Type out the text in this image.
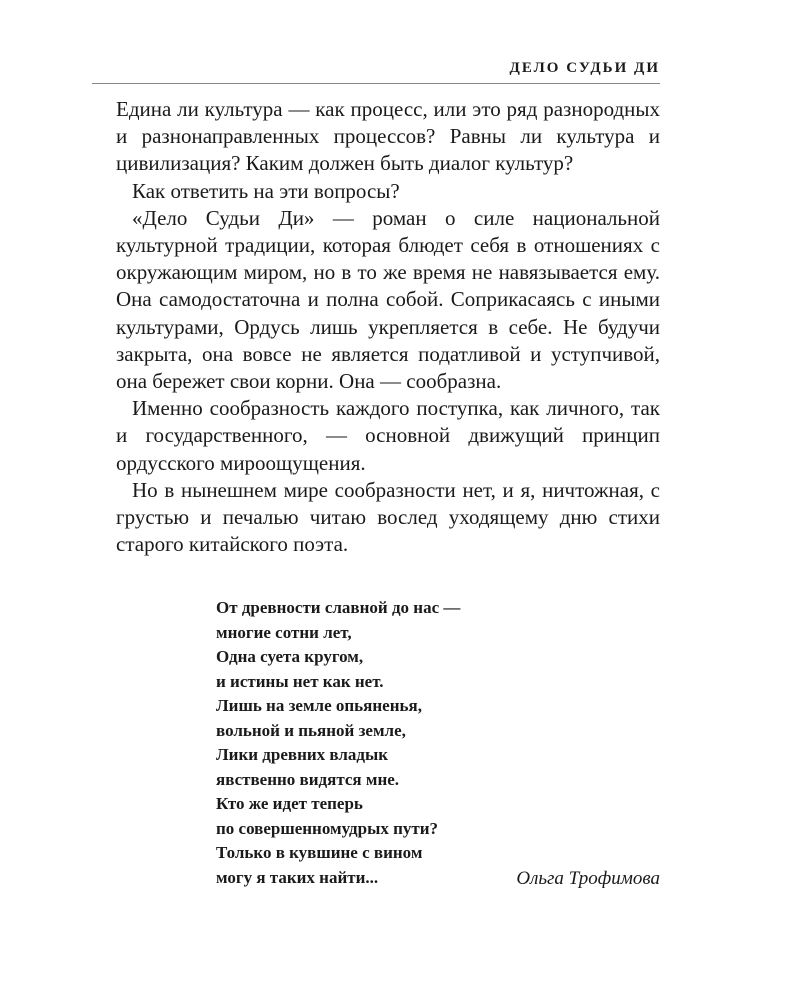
ДЕЛО СУДЬИ ДИ

Едина ли культура — как процесс, или это ряд разнородных и разнонаправленных процессов? Равны ли культура и цивилизация? Каким должен быть диалог культур?

Как ответить на эти вопросы?

«Дело Судьи Ди» — роман о силе национальной культурной традиции, которая блюдет себя в отношениях с окружающим миром, но в то же время не навязывается ему. Она самодостаточна и полна собой. Соприкасаясь с иными культурами, Ордусь лишь укрепляется в себе. Не будучи закрыта, она вовсе не является податливой и уступчивой, она бережет свои корни. Она — сообразна.

Именно сообразность каждого поступка, как личного, так и государственного, — основной движущий принцип ордусского мироощущения.

Но в нынешнем мире сообразности нет, и я, ничтожная, с грустью и печалью читаю вослед уходящему дню стихи старого китайского поэта.

От древности славной до нас —
многие сотни лет,
Одна суета кругом,
и истины нет как нет.
Лишь на земле опьяненья,
вольной и пьяной земле,
Лики древних владык
явственно видятся мне.
Кто же идет теперь
по совершенномудрых пути?
Только в кувшине с вином
могу я таких найти...	Ольга Трофимова
